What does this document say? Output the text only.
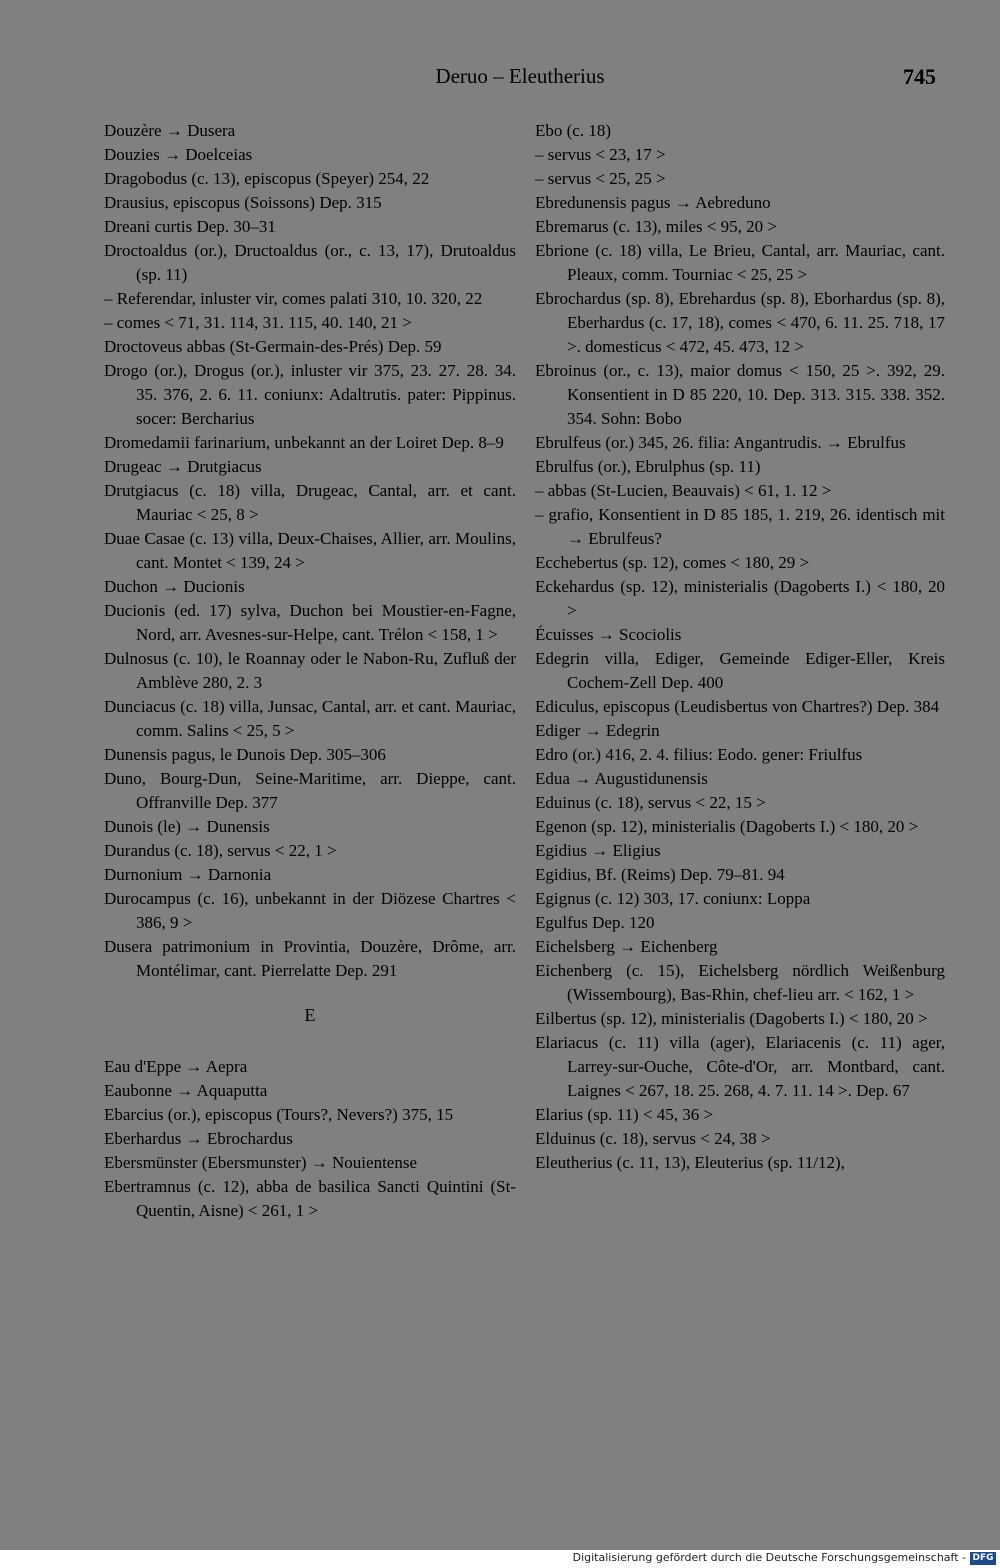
Deruo – Eleutherius	745
Douzère → Dusera
Douzies → Doelceias
Dragobodus (c. 13), episcopus (Speyer) 254, 22
Drausius, episcopus (Soissons) Dep. 315
Dreani curtis Dep. 30–31
Droctoaldus (or.), Dructoaldus (or., c. 13, 17), Drutoaldus (sp. 11)
– Referendar, inluster vir, comes palati 310, 10. 320, 22
– comes < 71, 31. 114, 31. 115, 40. 140, 21 >
Droctoveus abbas (St-Germain-des-Prés) Dep. 59
Drogo (or.), Drogus (or.), inluster vir 375, 23. 27. 28. 34. 35. 376, 2. 6. 11. coniunx: Adaltrutis. pater: Pippinus. socer: Bercharius
Dromedamii farinarium, unbekannt an der Loiret Dep. 8–9
Drugeac → Drutgiacus
Drutgiacus (c. 18) villa, Drugeac, Cantal, arr. et cant. Mauriac < 25, 8 >
Duae Casae (c. 13) villa, Deux-Chaises, Allier, arr. Moulins, cant. Montet < 139, 24 >
Duchon → Ducionis
Ducionis (ed. 17) sylva, Duchon bei Moustier-en-Fagne, Nord, arr. Avesnes-sur-Helpe, cant. Trélon < 158, 1 >
Dulnosus (c. 10), le Roannay oder le Nabon-Ru, Zufluß der Amblève 280, 2. 3
Dunciacus (c. 18) villa, Junsac, Cantal, arr. et cant. Mauriac, comm. Salins < 25, 5 >
Dunensis pagus, le Dunois Dep. 305–306
Duno, Bourg-Dun, Seine-Maritime, arr. Dieppe, cant. Offranville Dep. 377
Dunois (le) → Dunensis
Durandus (c. 18), servus < 22, 1 >
Durnonium → Darnonia
Durocampus (c. 16), unbekannt in der Diözese Chartres < 386, 9 >
Dusera patrimonium in Provintia, Douzère, Drôme, arr. Montélimar, cant. Pierrelatte Dep. 291
E
Eau d'Eppe → Aepra
Eaubonne → Aquaputta
Ebarcius (or.), episcopus (Tours?, Nevers?) 375, 15
Eberhardus → Ebrochardus
Ebersmünster (Ebersmunster) → Nouientense
Ebertramnus (c. 12), abba de basilica Sancti Quintini (St-Quentin, Aisne) < 261, 1 >
Ebo (c. 18)
– servus < 23, 17 >
– servus < 25, 25 >
Ebredunensis pagus → Aebreduno
Ebremarus (c. 13), miles < 95, 20 >
Ebrione (c. 18) villa, Le Brieu, Cantal, arr. Mauriac, cant. Pleaux, comm. Tourniac < 25, 25 >
Ebrochardus (sp. 8), Ebrehardus (sp. 8), Eborhardus (sp. 8), Eberhardus (c. 17, 18), comes < 470, 6. 11. 25. 718, 17 >. domesticus < 472, 45. 473, 12 >
Ebroinus (or., c. 13), maior domus < 150, 25 >. 392, 29. Konsentient in D 85 220, 10. Dep. 313. 315. 338. 352. 354. Sohn: Bobo
Ebrulfeus (or.) 345, 26. filia: Angantrudis. → Ebrulfus
Ebrulfus (or.), Ebrulphus (sp. 11)
– abbas (St-Lucien, Beauvais) < 61, 1. 12 >
– grafio, Konsentient in D 85 185, 1. 219, 26. identisch mit → Ebrulfeus?
Ecchebertus (sp. 12), comes < 180, 29 >
Eckehardus (sp. 12), ministerialis (Dagoberts I.) < 180, 20 >
Écuisses → Scociolis
Edegrin villa, Ediger, Gemeinde Ediger-Eller, Kreis Cochem-Zell Dep. 400
Ediculus, episcopus (Leudisbertus von Chartres?) Dep. 384
Ediger → Edegrin
Edro (or.) 416, 2. 4. filius: Eodo. gener: Friulfus
Edua → Augustidunensis
Eduinus (c. 18), servus < 22, 15 >
Egenon (sp. 12), ministerialis (Dagoberts I.) < 180, 20 >
Egidius → Eligius
Egidius, Bf. (Reims) Dep. 79–81. 94
Egignus (c. 12) 303, 17. coniunx: Loppa
Egulfus Dep. 120
Eichelsberg → Eichenberg
Eichenberg (c. 15), Eichelsberg nördlich Weißenburg (Wissembourg), Bas-Rhin, chef-lieu arr. < 162, 1 >
Eilbertus (sp. 12), ministerialis (Dagoberts I.) < 180, 20 >
Elariacus (c. 11) villa (ager), Elariacenis (c. 11) ager, Larrey-sur-Ouche, Côte-d'Or, arr. Montbard, cant. Laignes < 267, 18. 25. 268, 4. 7. 11. 14 >. Dep. 67
Elarius (sp. 11) < 45, 36 >
Elduinus (c. 18), servus < 24, 38 >
Eleutherius (c. 11, 13), Eleuterius (sp. 11/12),
Digitalisierung gefördert durch die Deutsche Forschungsgemeinschaft - DFG
